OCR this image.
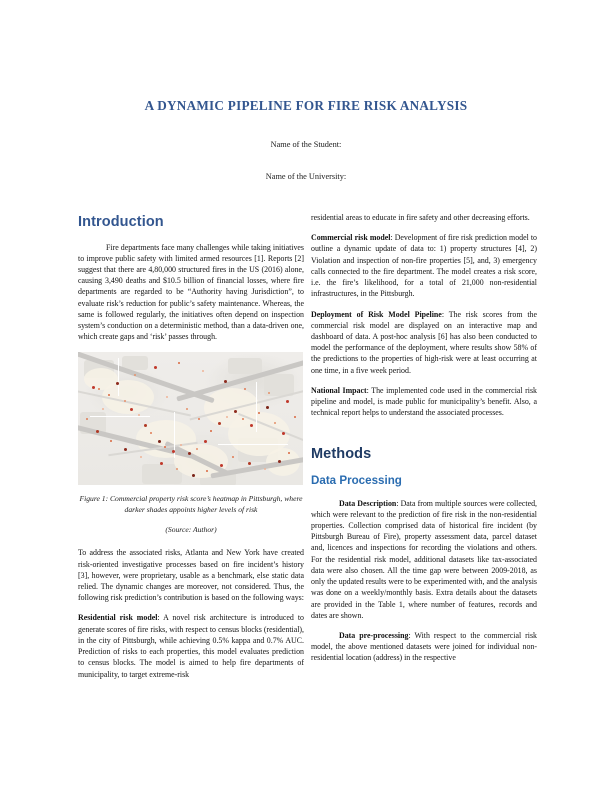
A DYNAMIC PIPELINE FOR FIRE RISK ANALYSIS
Name of the Student:
Name of the University:
Introduction

Fire departments face many challenges while taking initiatives to improve public safety with limited armed resources [1]. Reports [2] suggest that there are 4,80,000 structured fires in the US (2016) alone, causing 3,490 deaths and $10.5 billion of financial losses, where fire departments are regarded to be “Authority having Jurisdiction”, to evaluate risk’s reduction for public’s safety maintenance. Whereas, the same is followed regularly, the initiatives often depend on inspection system’s conduction on a deterministic method, than a data-driven one, which create gaps and ‘risk’ passes through.

Figure 1: Commercial property risk score’s heatmap in Pittsburgh, where darker shades appoints higher levels of risk
(Source: Author)

To address the associated risks, Atlanta and New York have created risk-oriented investigative processes based on fire incident’s history [3], however, were proprietary, usable as a benchmark, else static data relied. The dynamic changes are moreover, not considered. Thus, the following risk prediction’s contribution is based on the following ways:

Residential risk model: A novel risk architecture is introduced to generate scores of fire risks, with respect to census blocks (residential), in the city of Pittsburgh, while achieving 0.5% kappa and 0.7% AUC. Prediction of risks to each properties, this model evaluates prediction to census blocks. The model is aimed to help fire departments of municipality, to target extreme-risk

residential areas to educate in fire safety and other decreasing efforts.

Commercial risk model: Development of fire risk prediction model to outline a dynamic update of data to: 1) property structures [4], 2) Violation and inspection of non-fire properties [5], and, 3) emergency calls connected to the fire department. The model creates a risk score, i.e. the fire’s likelihood, for a total of 21,000 non-residential infrastructures, in the Pittsburgh.

Deployment of Risk Model Pipeline: The risk scores from the commercial risk model are displayed on an interactive map and dashboard of data. A post-hoc analysis [6] has also been conducted to model the performance of the deployment, where results show 58% of the predictions to the properties of high-risk were at least occurring at one time, in a five week period.

National Impact: The implemented code used in the commercial risk pipeline and model, is made public for municipality’s benefit. Also, a technical report helps to understand the associated processes.

Methods
Data Processing

Data Description: Data from multiple sources were collected, which were relevant to the prediction of fire risk in the non-residential properties. Collection comprised data of historical fire incident (by Pittsburgh Bureau of Fire), property assessment data, parcel dataset and, licences and inspections for recording the violations and others. For the residential risk model, additional datasets like tax-associated data were also chosen. All the time gap were between 2009-2018, as only the updated results were to be experimented with, and the analysis was done on a weekly/monthly basis. Extra details about the datasets are provided in the Table 1, where number of features, records and dates are shown.

Data pre-processing: With respect to the commercial risk model, the above mentioned datasets were joined for individual non-residential location (address) in the respective
